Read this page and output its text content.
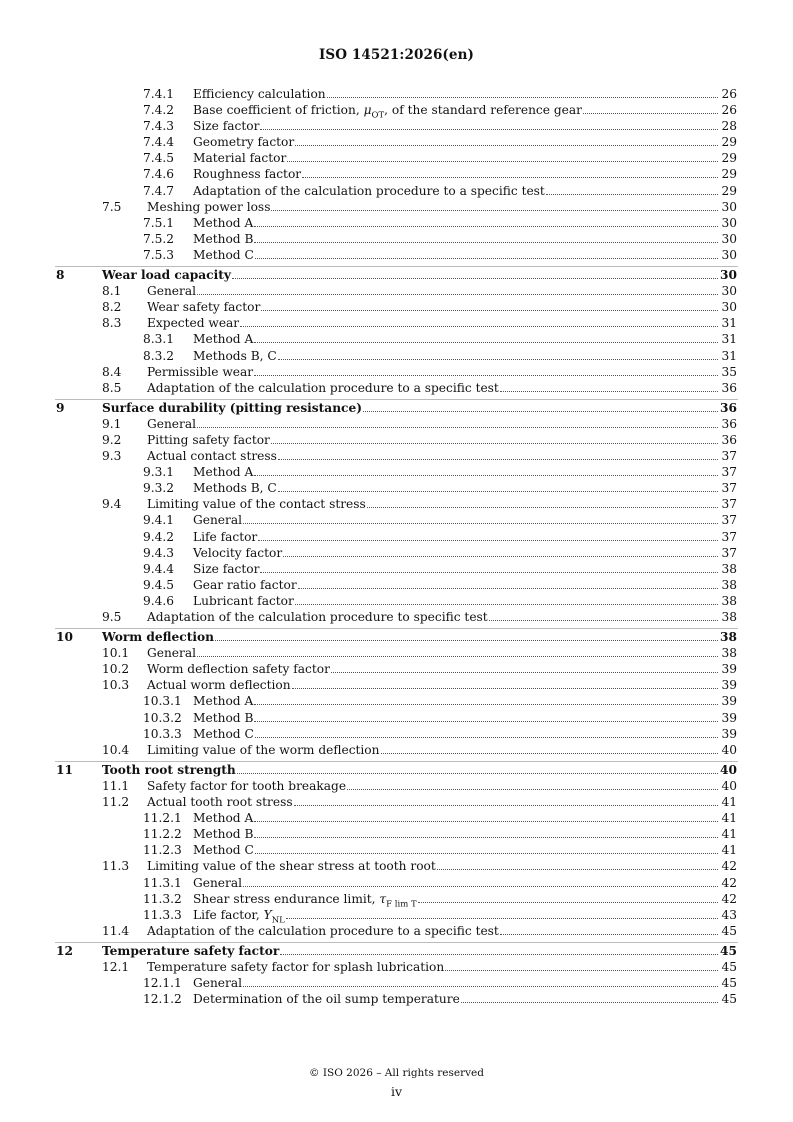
ISO 14521:2026(en)
7.4.1 Efficiency calculation	26
7.4.2 Base coefficient of friction, $\mu_{OT}$, of the standard reference gear	26
7.4.3 Size factor	28
7.4.4 Geometry factor	29
7.4.5 Material factor	29
7.4.6 Roughness factor	29
7.4.7 Adaptation of the calculation procedure to a specific test	29
7.5 Meshing power loss	30
7.5.1 Method A	30
7.5.2 Method B	30
7.5.3 Method C	30
8	Wear load capacity	30
8.1 General	30
8.2 Wear safety factor	30
8.3 Expected wear	31
8.3.1 Method A	31
8.3.2 Methods B, C	31
8.4 Permissible wear	35
8.5 Adaptation of the calculation procedure to a specific test	36
9	Surface durability (pitting resistance)	36
9.1 General	36
9.2 Pitting safety factor	36
9.3 Actual contact stress	37
9.3.1 Method A	37
9.3.2 Methods B, C	37
9.4 Limiting value of the contact stress	37
9.4.1 General	37
9.4.2 Life factor	37
9.4.3 Velocity factor	37
9.4.4 Size factor	38
9.4.5 Gear ratio factor	38
9.4.6 Lubricant factor	38
9.5 Adaptation of the calculation procedure to specific test	38
10 Worm deflection	38
10.1 General	38
10.2 Worm deflection safety factor	39
10.3 Actual worm deflection	39
10.3.1 Method A	39
10.3.2 Method B	39
10.3.3 Method C	39
10.4 Limiting value of the worm deflection	40
11 Tooth root strength	40
11.1 Safety factor for tooth breakage	40
11.2 Actual tooth root stress	41
11.2.1 Method A	41
11.2.2 Method B	41
11.2.3 Method C	41
11.3 Limiting value of the shear stress at tooth root	42
11.3.1 General	42
11.3.2 Shear stress endurance limit, $\tau_{F lim T}$	42
11.3.3 Life factor, $Y_{NL}$	43
11.4 Adaptation of the calculation procedure to a specific test	45
12 Temperature safety factor	45
12.1 Temperature safety factor for splash lubrication	45
12.1.1 General	45
12.1.2 Determination of the oil sump temperature	45
© ISO 2026 – All rights reserved
iv
